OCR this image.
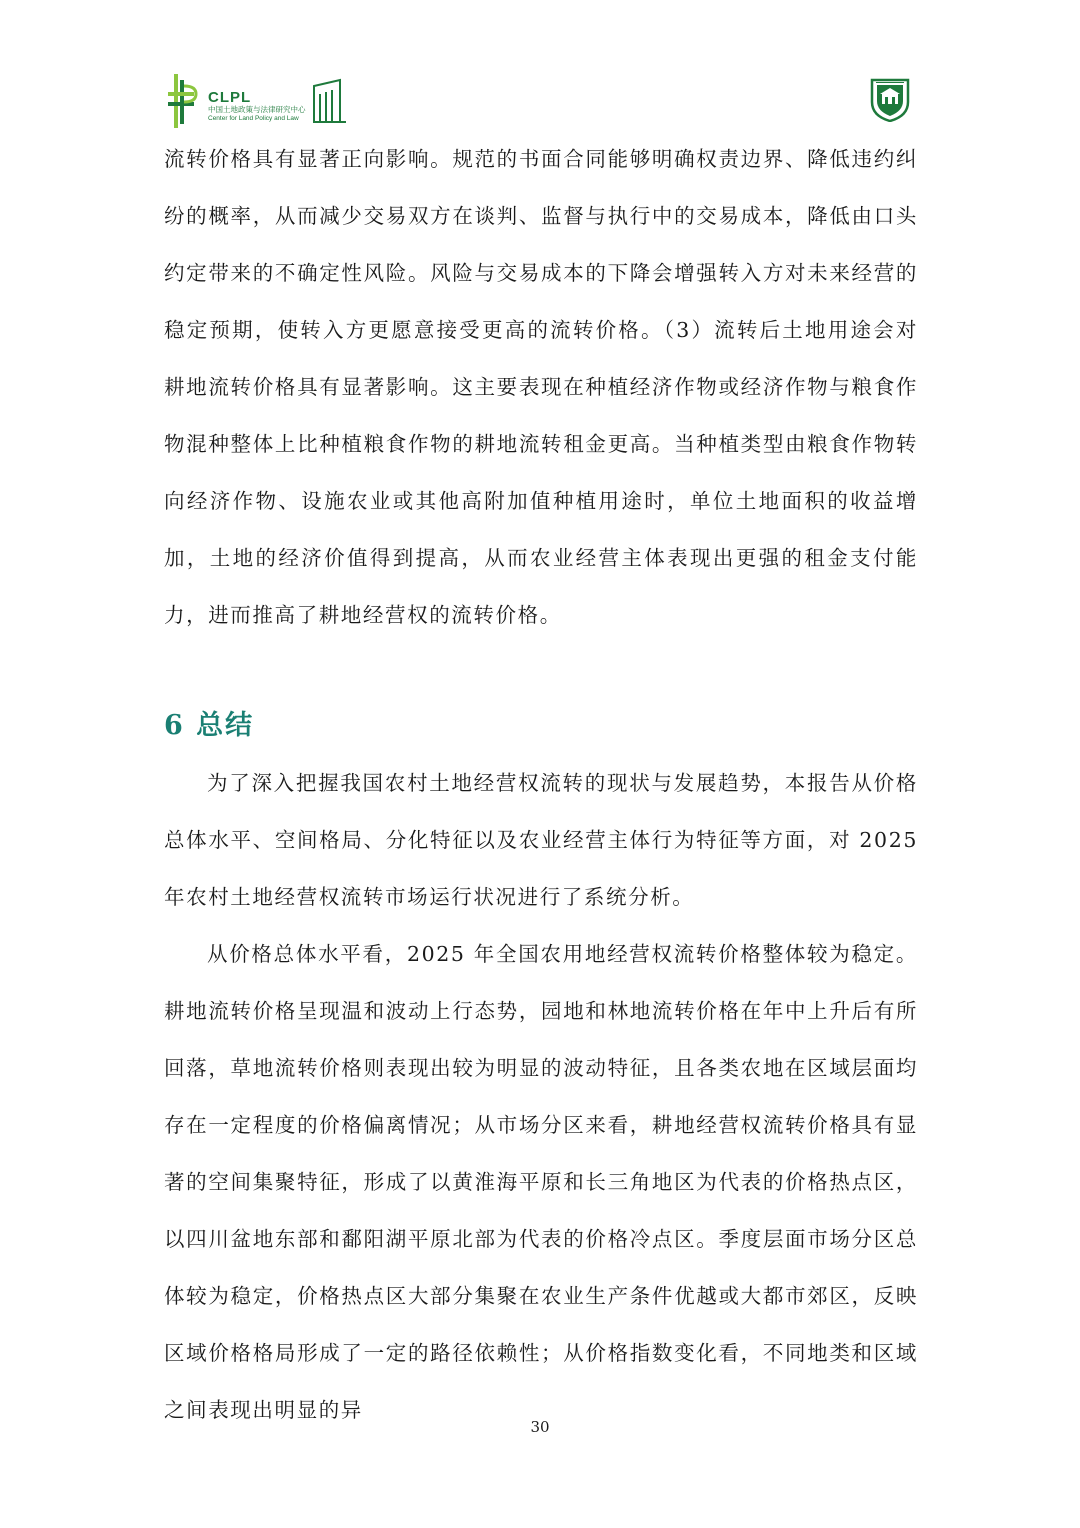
CLPL
中国土地政策与法律研究中心
Center for Land Policy and Law

流转价格具有显著正向影响。规范的书面合同能够明确权责边界、降低违约纠纷的概率，从而减少交易双方在谈判、监督与执行中的交易成本，降低由口头约定带来的不确定性风险。风险与交易成本的下降会增强转入方对未来经营的稳定预期，使转入方更愿意接受更高的流转价格。（3）流转后土地用途会对耕地流转价格具有显著影响。这主要表现在种植经济作物或经济作物与粮食作物混种整体上比种植粮食作物的耕地流转租金更高。当种植类型由粮食作物转向经济作物、设施农业或其他高附加值种植用途时，单位土地面积的收益增加，土地的经济价值得到提高，从而农业经营主体表现出更强的租金支付能力，进而推高了耕地经营权的流转价格。

6 总结

为了深入把握我国农村土地经营权流转的现状与发展趋势，本报告从价格总体水平、空间格局、分化特征以及农业经营主体行为特征等方面，对 2025 年农村土地经营权流转市场运行状况进行了系统分析。

从价格总体水平看，2025 年全国农用地经营权流转价格整体较为稳定。耕地流转价格呈现温和波动上行态势，园地和林地流转价格在年中上升后有所回落，草地流转价格则表现出较为明显的波动特征，且各类农地在区域层面均存在一定程度的价格偏离情况；从市场分区来看，耕地经营权流转价格具有显著的空间集聚特征，形成了以黄淮海平原和长三角地区为代表的价格热点区，以四川盆地东部和鄱阳湖平原北部为代表的价格冷点区。季度层面市场分区总体较为稳定，价格热点区大部分集聚在农业生产条件优越或大都市郊区，反映区域价格格局形成了一定的路径依赖性；从价格指数变化看，不同地类和区域之间表现出明显的异

30
